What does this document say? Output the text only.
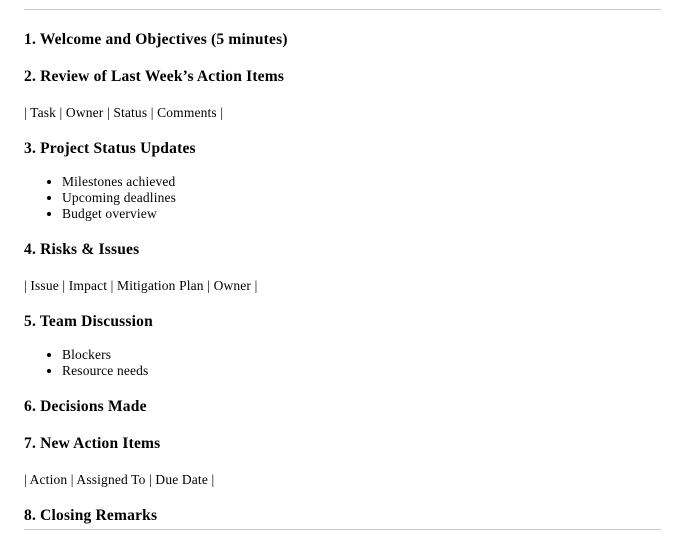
1. Welcome and Objectives (5 minutes)
2. Review of Last Week’s Action Items

| Task | Owner | Status | Comments |

3. Project Status Updates
• Milestones achieved
• Upcoming deadlines
• Budget overview
4. Risks & Issues

| Issue | Impact | Mitigation Plan | Owner |

5. Team Discussion
• Blockers
• Resource needs
6. Decisions Made
7. New Action Items

| Action | Assigned To | Due Date |

8. Closing Remarks
